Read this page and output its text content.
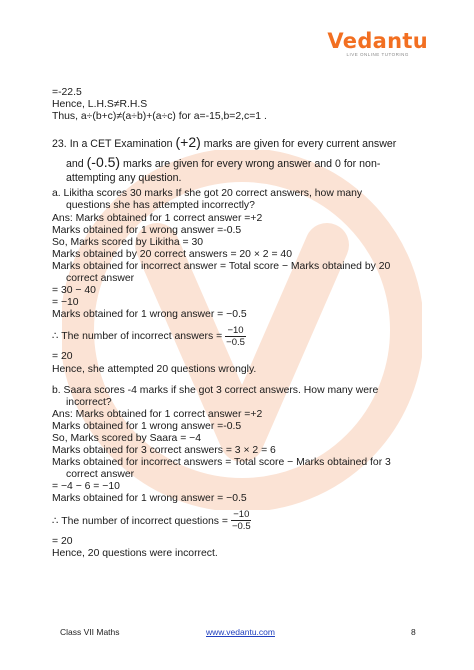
Vedantu
LIVE ONLINE TUTORING
=-22.5
Hence, L.H.S≠R.H.S
Thus, a÷(b+c)≠(a÷b)+(a÷c) for a=-15,b=2,c=1 .
23. In a CET Examination (+2) marks are given for every current answer
and (-0.5) marks are given for every wrong answer and 0 for non-
attempting any question.
a. Likitha scores 30 marks If she got 20 correct answers, how many
questions she has attempted incorrectly?
Ans: Marks obtained for 1 correct answer =+2
Marks obtained for 1 wrong answer =-0.5
So, Marks scored by Likitha = 30
Marks obtained by 20 correct answers = 20 × 2 = 40
Marks obtained for incorrect answer = Total score − Marks obtained by 20
correct answer
= 30 − 40
= −10
Marks obtained for 1 wrong answer = −0.5
∴ The number of incorrect answers = $\frac{-10}{-0.5}$
= 20
Hence, she attempted 20 questions wrongly.
b. Saara scores -4 marks if she got 3 correct answers. How many were
incorrect?
Ans: Marks obtained for 1 correct answer =+2
Marks obtained for 1 wrong answer =-0.5
So, Marks scored by Saara = −4
Marks obtained for 3 correct answers = 3 × 2 = 6
Marks obtained for incorrect answers = Total score − Marks obtained for 3
correct answer
= −4 − 6 = −10
Marks obtained for 1 wrong answer = −0.5
∴ The number of incorrect questions = $\frac{-10}{-0.5}$
= 20
Hence, 20 questions were incorrect.
Class VII Maths	www.vedantu.com	8
